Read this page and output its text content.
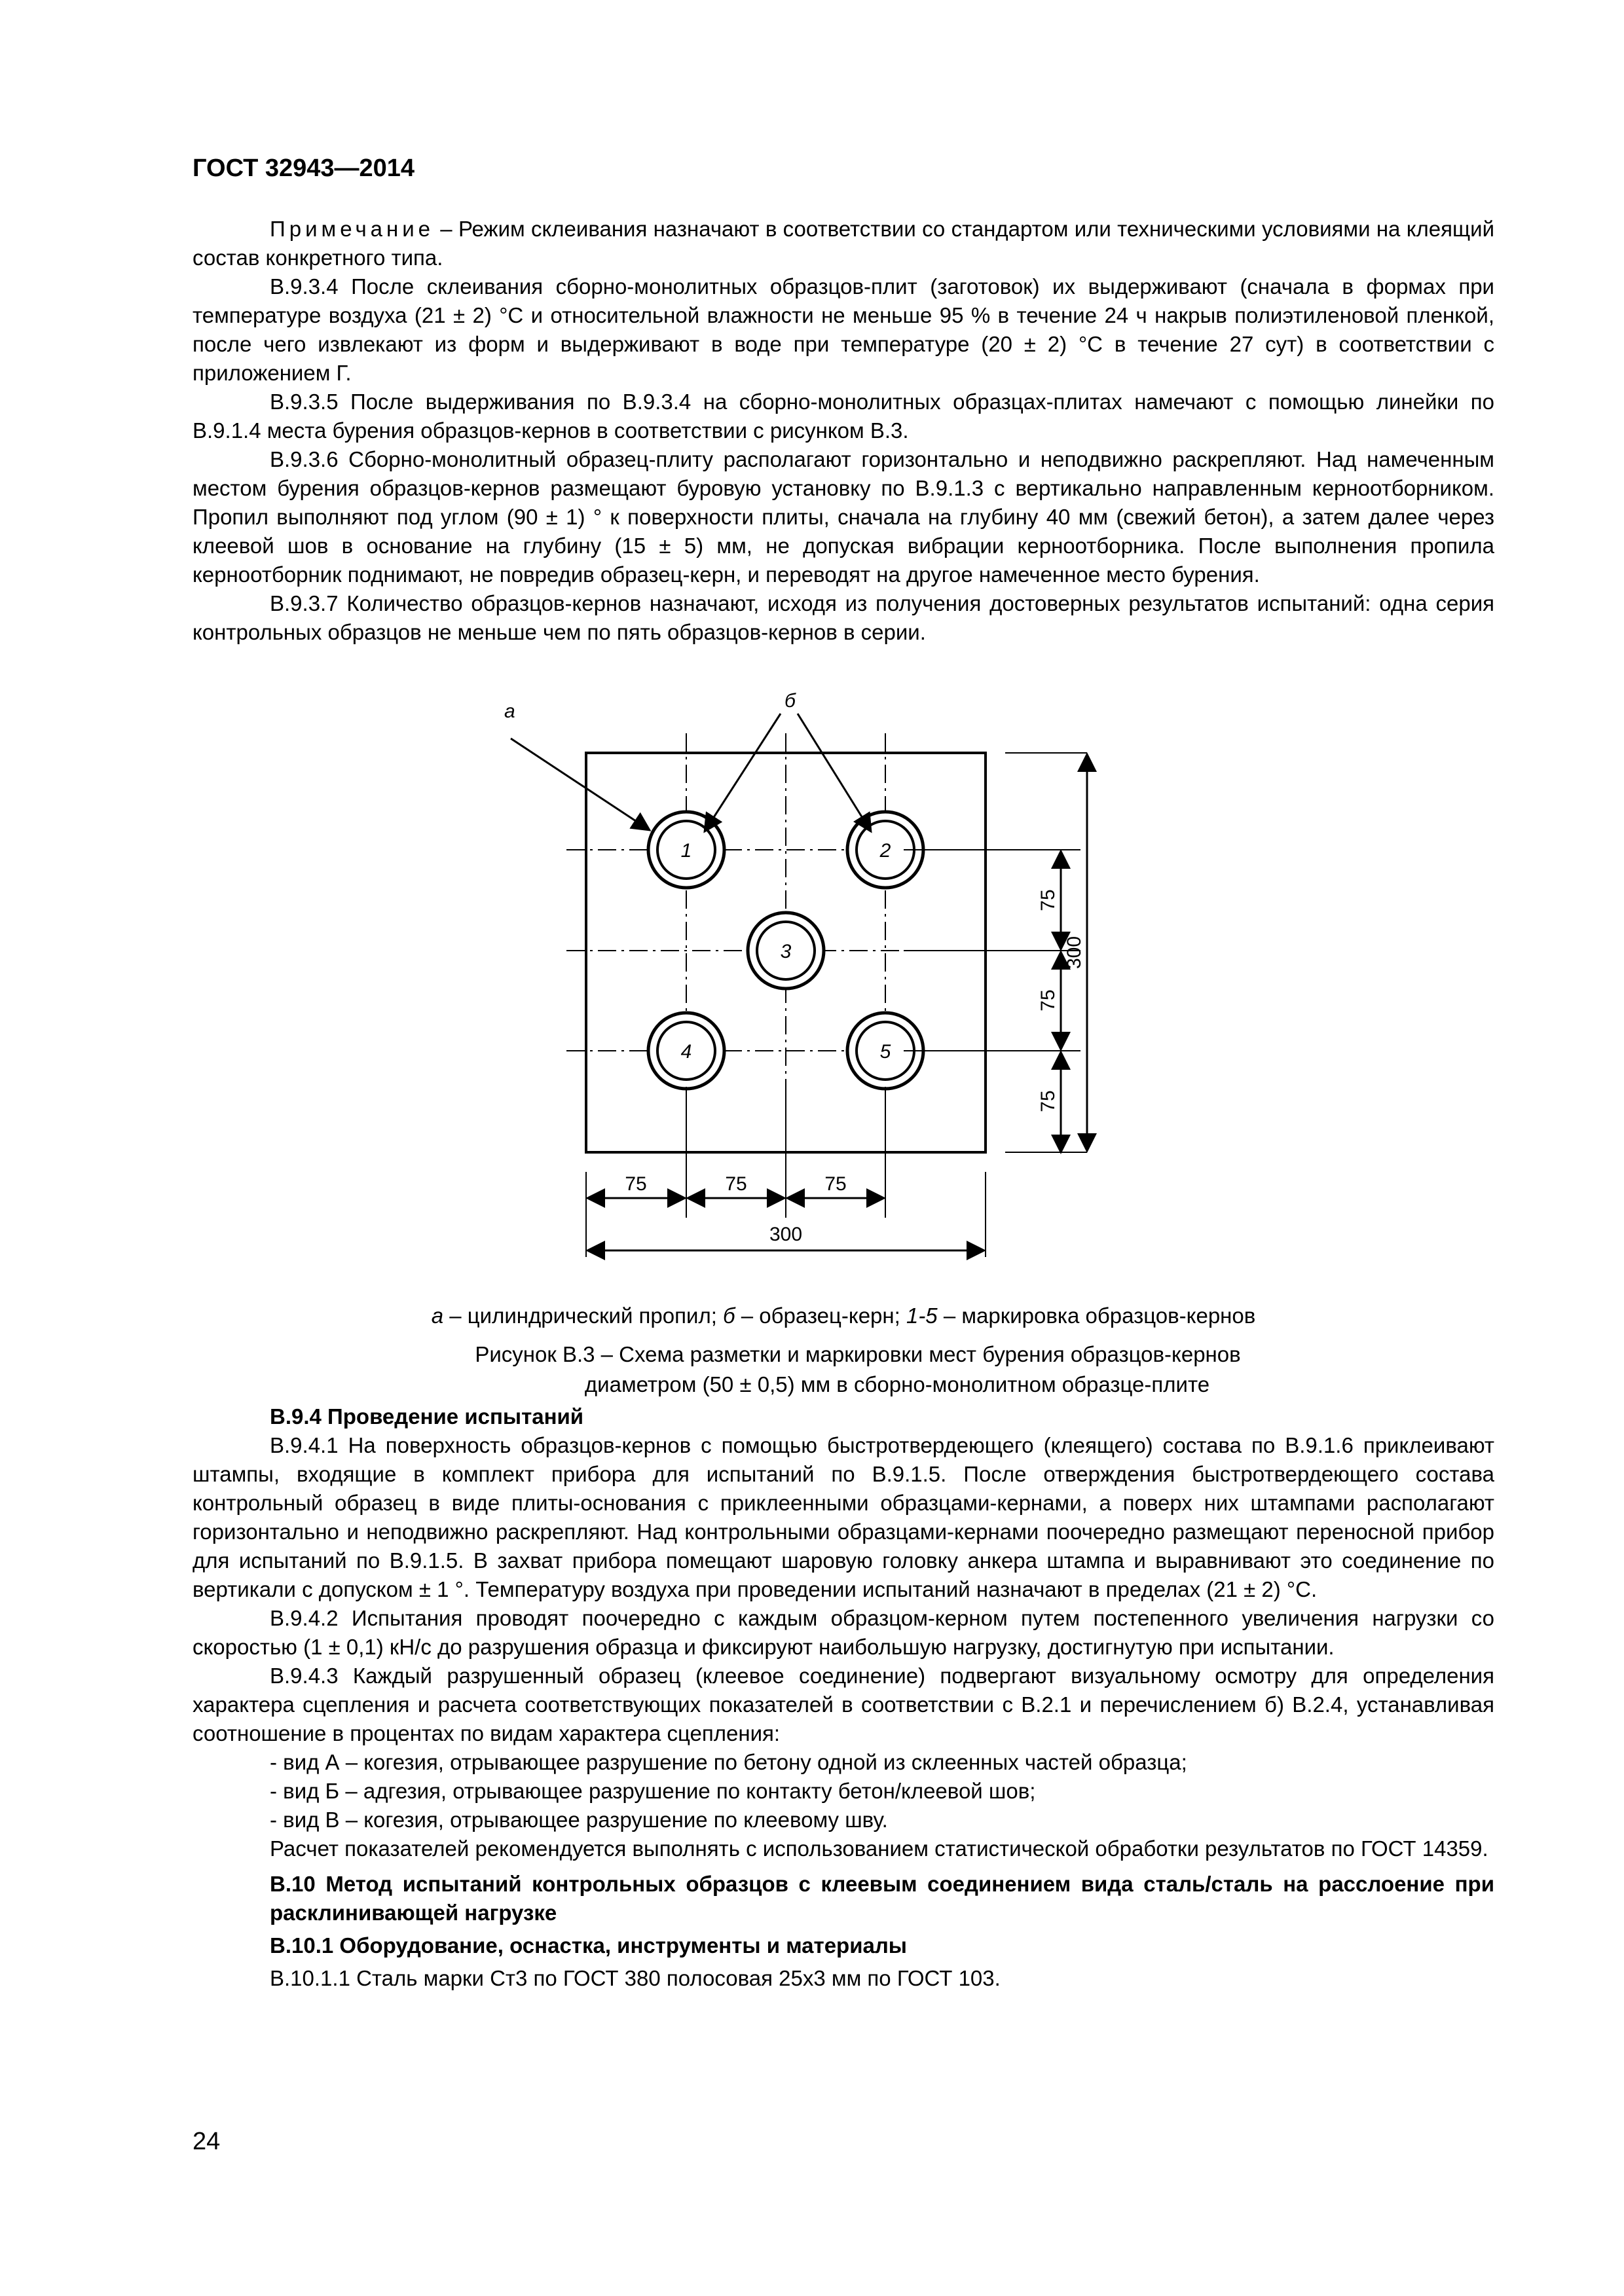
ГОСТ 32943—2014

Примечание – Режим склеивания назначают в соответствии со стандартом или техническими условиями на клеящий состав конкретного типа.

В.9.3.4 После склеивания сборно-монолитных образцов-плит (заготовок) их выдерживают (сначала в формах при температуре воздуха (21 ± 2) °С и относительной влажности не меньше 95 % в течение 24 ч накрыв полиэтиленовой пленкой, после чего извлекают из форм и выдерживают в воде при температуре (20 ± 2) °С в течение 27 сут) в соответствии с приложением Г.

В.9.3.5 После выдерживания по В.9.3.4 на сборно-монолитных образцах-плитах намечают с помощью линейки по В.9.1.4 места бурения образцов-кернов в соответствии с рисунком В.3.

В.9.3.6 Сборно-монолитный образец-плиту располагают горизонтально и неподвижно раскрепляют. Над намеченным местом бурения образцов-кернов размещают буровую установку по В.9.1.3 с вертикально направленным керноотборником. Пропил выполняют под углом (90 ± 1) ° к поверхности плиты, сначала на глубину 40 мм (свежий бетон), а затем далее через клеевой шов в основание на глубину (15 ± 5) мм, не допуская вибрации керноотборника. После выполнения пропила керноотборник поднимают, не повредив образец-керн, и переводят на другое намеченное место бурения.

В.9.3.7 Количество образцов-кернов назначают, исходя из получения достоверных результатов испытаний: одна серия контрольных образцов не меньше чем по пять образцов-кернов в серии.

1	2
3
4	5
а	б
75
75
75
300
75	75	75
300
а – цилиндрический пропил; б – образец-керн; 1-5 – маркировка образцов-кернов
Рисунок В.3 – Схема разметки и маркировки мест бурения образцов-кернов
диаметром (50 ± 0,5) мм в сборно-монолитном образце-плите

В.9.4 Проведение испытаний

В.9.4.1 На поверхность образцов-кернов с помощью быстротвердеющего (клеящего) состава по В.9.1.6 приклеивают штампы, входящие в комплект прибора для испытаний по В.9.1.5. После отверждения быстротвердеющего состава контрольный образец в виде плиты-основания с приклеенными образцами-кернами, а поверх них штампами располагают горизонтально и неподвижно раскрепляют. Над контрольными образцами-кернами поочередно размещают переносной прибор для испытаний по В.9.1.5. В захват прибора помещают шаровую головку анкера штампа и выравнивают это соединение по вертикали с допуском ± 1 °. Температуру воздуха при проведении испытаний назначают в пределах (21 ± 2) °С.

В.9.4.2 Испытания проводят поочередно с каждым образцом-керном путем постепенного увеличения нагрузки со скоростью (1 ± 0,1) кН/с до разрушения образца и фиксируют наибольшую нагрузку, достигнутую при испытании.

В.9.4.3 Каждый разрушенный образец (клеевое соединение) подвергают визуальному осмотру для определения характера сцепления и расчета соответствующих показателей в соответствии с В.2.1 и перечислением б) В.2.4, устанавливая соотношение в процентах по видам характера сцепления:

- вид А – когезия, отрывающее разрушение по бетону одной из склеенных частей образца;
- вид Б – адгезия, отрывающее разрушение по контакту бетон/клеевой шов;
- вид В – когезия, отрывающее разрушение по клеевому шву.

Расчет показателей рекомендуется выполнять с использованием статистической обработки результатов по ГОСТ 14359.

В.10 Метод испытаний контрольных образцов с клеевым соединением вида сталь/сталь на расслоение при расклинивающей нагрузке

В.10.1 Оборудование, оснастка, инструменты и материалы

В.10.1.1 Сталь марки Ст3 по ГОСТ 380 полосовая 25х3 мм по ГОСТ 103.

24
